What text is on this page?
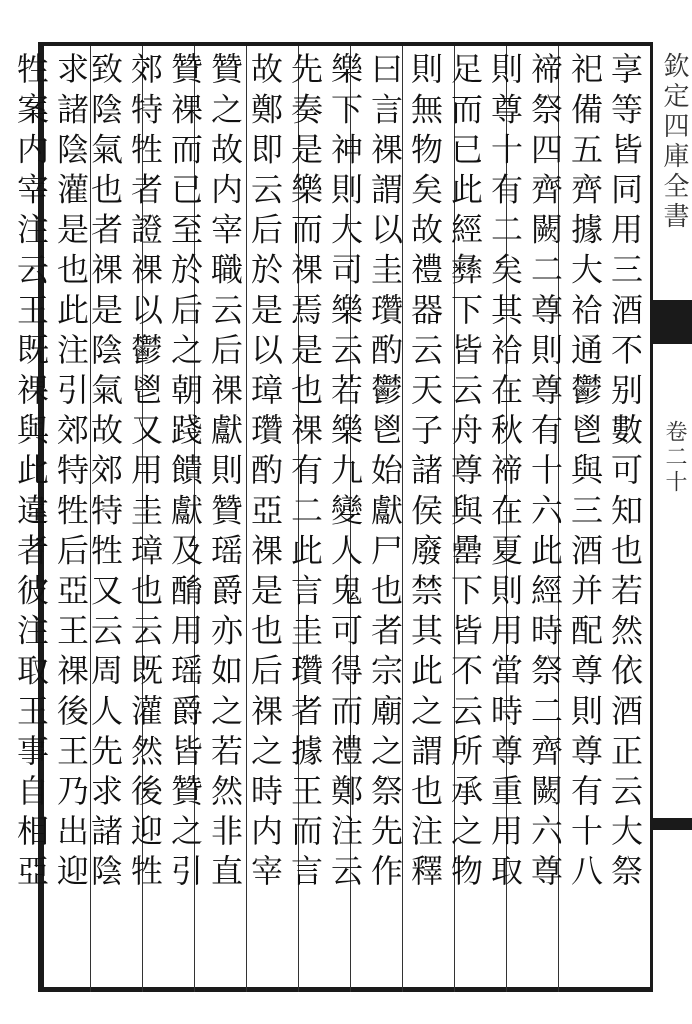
享等皆同用三酒不别數可知也若然依酒正云大祭
祀備五齊據大祫通鬱鬯與三酒并配尊則尊有十八
禘祭四齊闕二尊則尊有十六此經時祭二齊闕六尊
則尊十有二矣其祫在秋禘在夏則用當時尊重用取
足而已此經彝下皆云舟尊與罍下皆不云所承之物
則無物矣故禮器云天子諸侯廢禁其此之謂也注釋
曰言祼謂以圭瓚酌鬱鬯始獻尸也者宗廟之祭先作
樂下神則大司樂云若樂九變人鬼可得而禮鄭注云
先奏是樂而祼焉是也祼有二此言圭瓚者據王而言
故鄭即云后於是以璋瓚酌亞祼是也后祼之時内宰
贊之故内宰職云后祼獻則贊瑶爵亦如之若然非直
贊祼而已至於后之朝踐饋獻及酳用瑶爵皆贊之引
郊特牲者證祼以鬱鬯又用圭璋也云既灌然後迎牲
致陰氣也者祼是陰氣故郊特牲又云周人先求諸陰
求諸陰灌是也此注引郊特牲后亞王祼後王乃出迎
牲案内宰注云王既祼與此違者彼注取王事自相亞	欽定四庫全書
卷二十
